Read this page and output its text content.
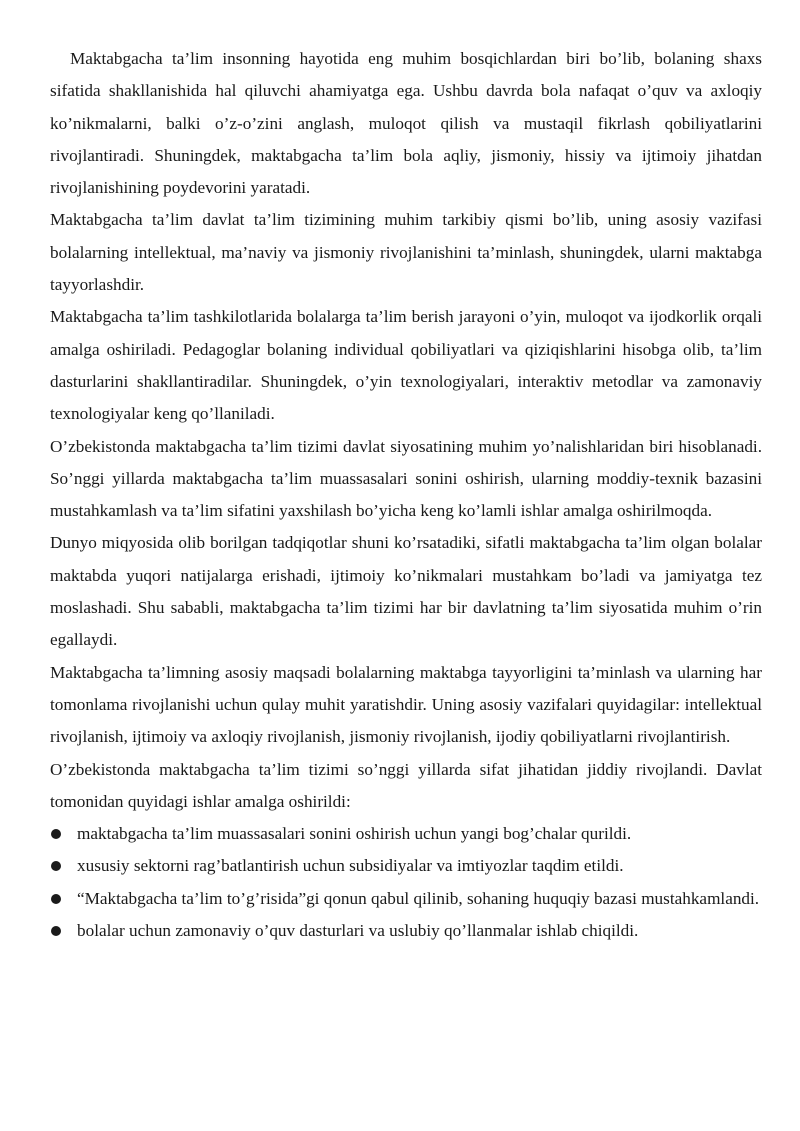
Maktabgacha ta’lim insonning hayotida eng muhim bosqichlardan biri bo’lib, bolaning shaxs sifatida shakllanishida hal qiluvchi ahamiyatga ega. Ushbu davrda bola nafaqat o’quv va axloqiy ko’nikmalarni, balki o’z-o’zini anglash, muloqot qilish va mustaqil fikrlash qobiliyatlarini rivojlantiradi. Shuningdek, maktabgacha ta’lim bola aqliy, jismoniy, hissiy va ijtimoiy jihatdan rivojlanishining poydevorini yaratadi.

Maktabgacha ta’lim davlat ta’lim tizimining muhim tarkibiy qismi bo’lib, uning asosiy vazifasi bolalarning intellektual, ma’naviy va jismoniy rivojlanishini ta’minlash, shuningdek, ularni maktabga tayyorlashdir.

Maktabgacha ta’lim tashkilotlarida bolalarga ta’lim berish jarayoni o’yin, muloqot va ijodkorlik orqali amalga oshiriladi. Pedagoglar bolaning individual qobiliyatlari va qiziqishlarini hisobga olib, ta’lim dasturlarini shakllantiradilar. Shuningdek, o’yin texnologiyalari, interaktiv metodlar va zamonaviy texnologiyalar keng qo’llaniladi.

O’zbekistonda maktabgacha ta’lim tizimi davlat siyosatining muhim yo’nalishlaridan biri hisoblanadi. So’nggi yillarda maktabgacha ta’lim muassasalari sonini oshirish, ularning moddiy-texnik bazasini mustahkamlash va ta’lim sifatini yaxshilash bo’yicha keng ko’lamli ishlar amalga oshirilmoqda.

Dunyo miqyosida olib borilgan tadqiqotlar shuni ko’rsatadiki, sifatli maktabgacha ta’lim olgan bolalar maktabda yuqori natijalarga erishadi, ijtimoiy ko’nikmalari mustahkam bo’ladi va jamiyatga tez moslashadi. Shu sababli, maktabgacha ta’lim tizimi har bir davlatning ta’lim siyosatida muhim o’rin egallaydi.

Maktabgacha ta’limning asosiy maqsadi bolalarning maktabga tayyorligini ta’minlash va ularning har tomonlama rivojlanishi uchun qulay muhit yaratishdir. Uning asosiy vazifalari quyidagilar: intellektual rivojlanish, ijtimoiy va axloqiy rivojlanish, jismoniy rivojlanish, ijodiy qobiliyatlarni rivojlantirish.

O’zbekistonda maktabgacha ta’lim tizimi so’nggi yillarda sifat jihatidan jiddiy rivojlandi. Davlat tomonidan quyidagi ishlar amalga oshirildi:

maktabgacha ta’lim muassasalari sonini oshirish uchun yangi bog’chalar qurildi.
xususiy sektorni rag’batlantirish uchun subsidiyalar va imtiyozlar taqdim etildi.
“Maktabgacha ta’lim to’g’risida”gi qonun qabul qilinib, sohaning huquqiy bazasi mustahkamlandi.
bolalar uchun zamonaviy o’quv dasturlari va uslubiy qo’llanmalar ishlab chiqildi.
